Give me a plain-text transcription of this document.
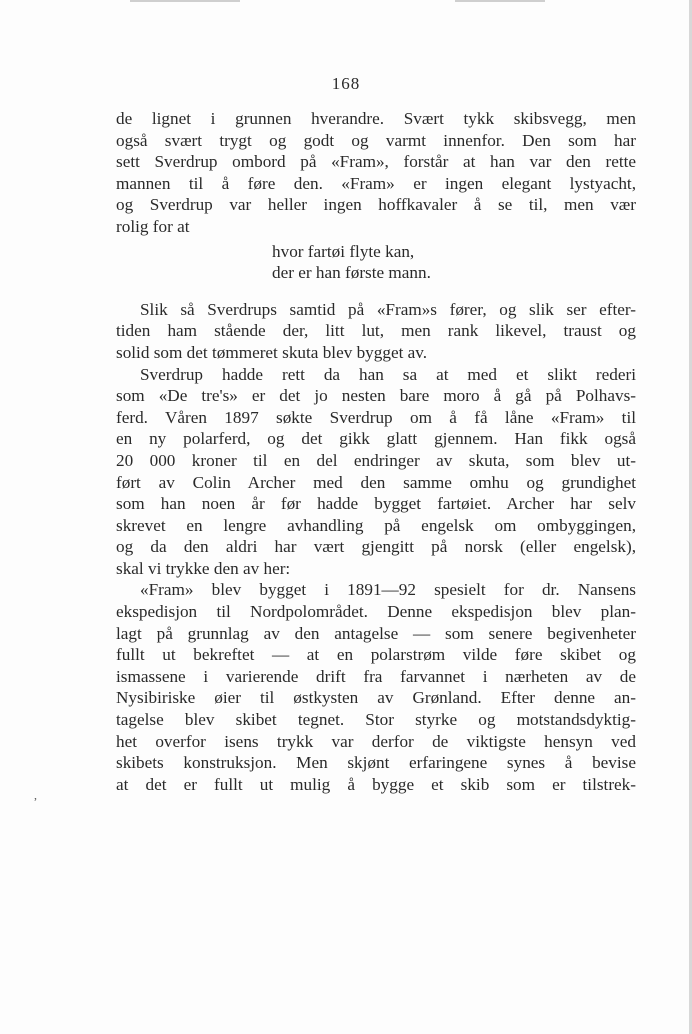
168
,
de lignet i grunnen hverandre. Svært tykk skibsvegg, men
også svært trygt og godt og varmt innenfor. Den som har
sett Sverdrup ombord på «Fram», forstår at han var den rette
mannen til å føre den. «Fram» er ingen elegant lystyacht,
og Sverdrup var heller ingen hoffkavaler å se til, men vær
rolig for at
hvor fartøi flyte kan,
der er han første mann.
Slik så Sverdrups samtid på «Fram»s fører, og slik ser efter-
tiden ham stående der, litt lut, men rank likevel, traust og
solid som det tømmeret skuta blev bygget av.
Sverdrup hadde rett da han sa at med et slikt rederi
som «De tre's» er det jo nesten bare moro å gå på Polhavs-
ferd. Våren 1897 søkte Sverdrup om å få låne «Fram» til
en ny polarferd, og det gikk glatt gjennem. Han fikk også
20 000 kroner til en del endringer av skuta, som blev ut-
ført av Colin Archer med den samme omhu og grundighet
som han noen år før hadde bygget fartøiet. Archer har selv
skrevet en lengre avhandling på engelsk om ombyggingen,
og da den aldri har vært gjengitt på norsk (eller engelsk),
skal vi trykke den av her:
«Fram» blev bygget i 1891—92 spesielt for dr. Nansens
ekspedisjon til Nordpolområdet. Denne ekspedisjon blev plan-
lagt på grunnlag av den antagelse — som senere begivenheter
fullt ut bekreftet — at en polarstrøm vilde føre skibet og
ismassene i varierende drift fra farvannet i nærheten av de
Nysibiriske øier til østkysten av Grønland. Efter denne an-
tagelse blev skibet tegnet. Stor styrke og motstandsdyktig-
het overfor isens trykk var derfor de viktigste hensyn ved
skibets konstruksjon. Men skjønt erfaringene synes å bevise
at det er fullt ut mulig å bygge et skib som er tilstrek-
